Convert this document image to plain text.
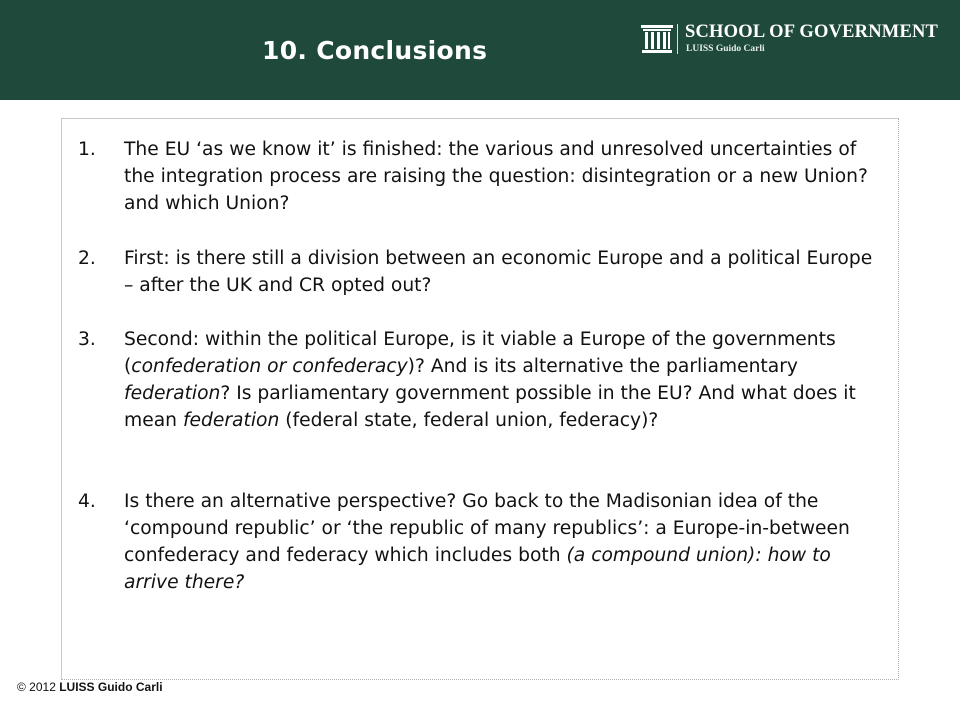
10. Conclusions
SCHOOL OF GOVERNMENT
LUISS Guido Carli
1. The EU ‘as we know it’ is finished: the various and unresolved uncertainties of the integration process are raising the question: disintegration or a new Union? and which Union?
2. First: is there still a division between an economic Europe and a political Europe – after the UK and CR opted out?
3. Second: within the political Europe, is it viable a Europe of the governments (confederation or confederacy)? And is its alternative the parliamentary federation? Is parliamentary government possible in the EU? And what does it mean federation (federal state, federal union, federacy)?
4. Is there an alternative perspective? Go back to the Madisonian idea of the ‘compound republic’ or ‘the republic of many republics’: a Europe-in-between confederacy and federacy which includes both (a compound union): how to arrive there?
© 2012 LUISS Guido Carli
